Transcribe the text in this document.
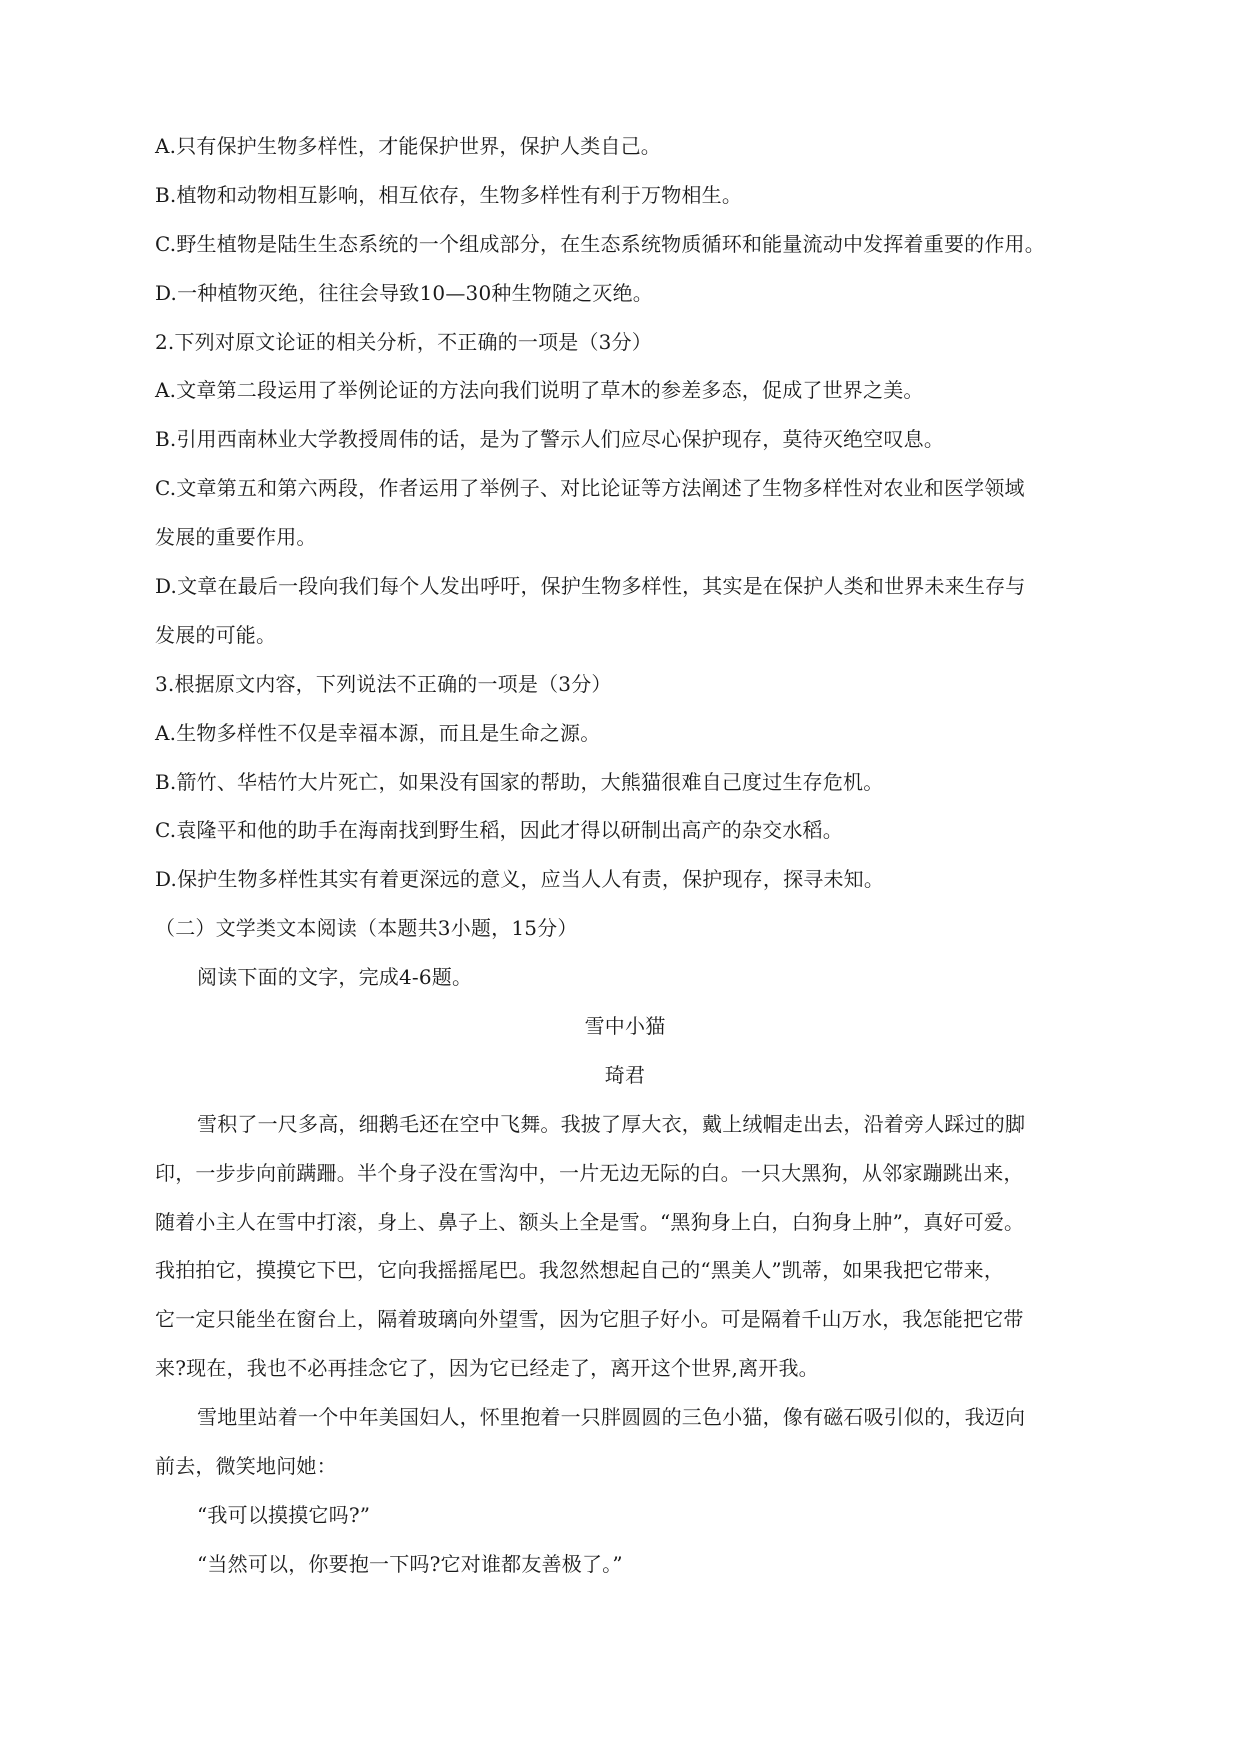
A.只有保护生物多样性，才能保护世界，保护人类自己。
B.植物和动物相互影响，相互依存，生物多样性有利于万物相生。
C.野生植物是陆生生态系统的一个组成部分，在生态系统物质循环和能量流动中发挥着重要的作用。
D.一种植物灭绝，往往会导致10—30种生物随之灭绝。
2.下列对原文论证的相关分析，不正确的一项是（3分）
A.文章第二段运用了举例论证的方法向我们说明了草木的参差多态，促成了世界之美。
B.引用西南林业大学教授周伟的话，是为了警示人们应尽心保护现存，莫待灭绝空叹息。
C.文章第五和第六两段，作者运用了举例子、对比论证等方法阐述了生物多样性对农业和医学领域
发展的重要作用。
D.文章在最后一段向我们每个人发出呼吁，保护生物多样性，其实是在保护人类和世界未来生存与
发展的可能。
3.根据原文内容，下列说法不正确的一项是（3分）
A.生物多样性不仅是幸福本源，而且是生命之源。
B.箭竹、华桔竹大片死亡，如果没有国家的帮助，大熊猫很难自己度过生存危机。
C.袁隆平和他的助手在海南找到野生稻，因此才得以研制出高产的杂交水稻。
D.保护生物多样性其实有着更深远的意义，应当人人有责，保护现存，探寻未知。
（二）文学类文本阅读（本题共3小题，15分）
阅读下面的文字，完成4-6题。
雪中小猫
琦君
雪积了一尺多高，细鹅毛还在空中飞舞。我披了厚大衣，戴上绒帽走出去，沿着旁人踩过的脚
印，一步步向前蹒跚。半个身子没在雪沟中，一片无边无际的白。一只大黑狗，从邻家蹦跳出来，
随着小主人在雪中打滚，身上、鼻子上、额头上全是雪。“黑狗身上白，白狗身上肿”，真好可爱。
我拍拍它，摸摸它下巴，它向我摇摇尾巴。我忽然想起自己的“黑美人”凯蒂，如果我把它带来，
它一定只能坐在窗台上，隔着玻璃向外望雪，因为它胆子好小。可是隔着千山万水，我怎能把它带
来?现在，我也不必再挂念它了，因为它已经走了，离开这个世界,离开我。
雪地里站着一个中年美国妇人，怀里抱着一只胖圆圆的三色小猫，像有磁石吸引似的，我迈向
前去，微笑地问她：
“我可以摸摸它吗?”
“当然可以，你要抱一下吗?它对谁都友善极了。”
